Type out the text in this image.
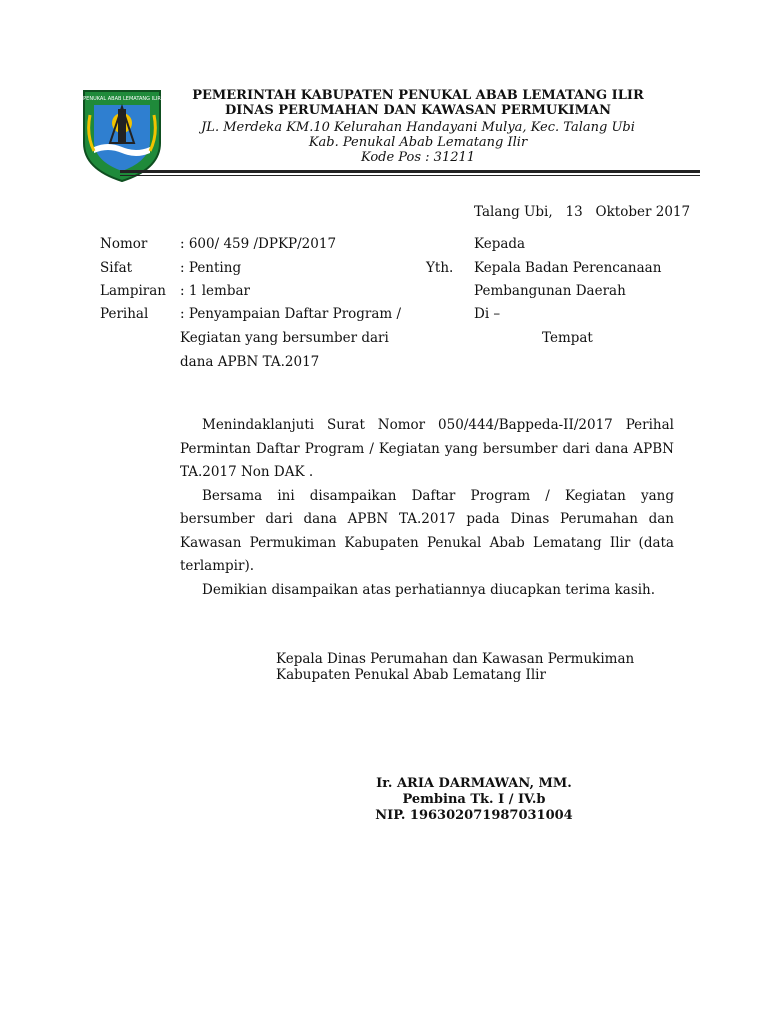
PENUKAL ABAB LEMATANG ILIR	PEMERINTAH KABUPATEN PENUKAL ABAB LEMATANG ILIR
DINAS PERUMAHAN DAN KAWASAN PERMUKIMAN
JL. Merdeka KM.10 Kelurahan Handayani Mulya, Kec. Talang Ubi
Kab. Penukal Abab Lematang Ilir
Kode Pos : 31211
Talang Ubi,   13   Oktober 2017
Nomor : 600/ 459 /DPKP/2017
Sifat	: Penting
Lampiran : 1 lembar
Perihal : Penyampaian Daftar Program /
Kegiatan yang bersumber dari
dana APBN TA.2017
Kepada
Yth. Kepala Badan Perencanaan
Pembangunan Daerah
Di –
Tempat

Menindaklanjuti Surat Nomor 050/444/Bappeda-II/2017 Perihal Permintan Daftar Program / Kegiatan yang bersumber dari dana APBN TA.2017 Non DAK .

Bersama ini disampaikan Daftar Program / Kegiatan yang bersumber dari dana APBN TA.2017 pada Dinas Perumahan dan Kawasan Permukiman Kabupaten Penukal Abab Lematang Ilir (data terlampir).

Demikian disampaikan atas perhatiannya diucapkan terima kasih.

Kepala Dinas Perumahan dan Kawasan Permukiman
Kabupaten Penukal Abab Lematang Ilir
Ir. ARIA DARMAWAN, MM.
Pembina Tk. I / IV.b
NIP. 196302071987031004
